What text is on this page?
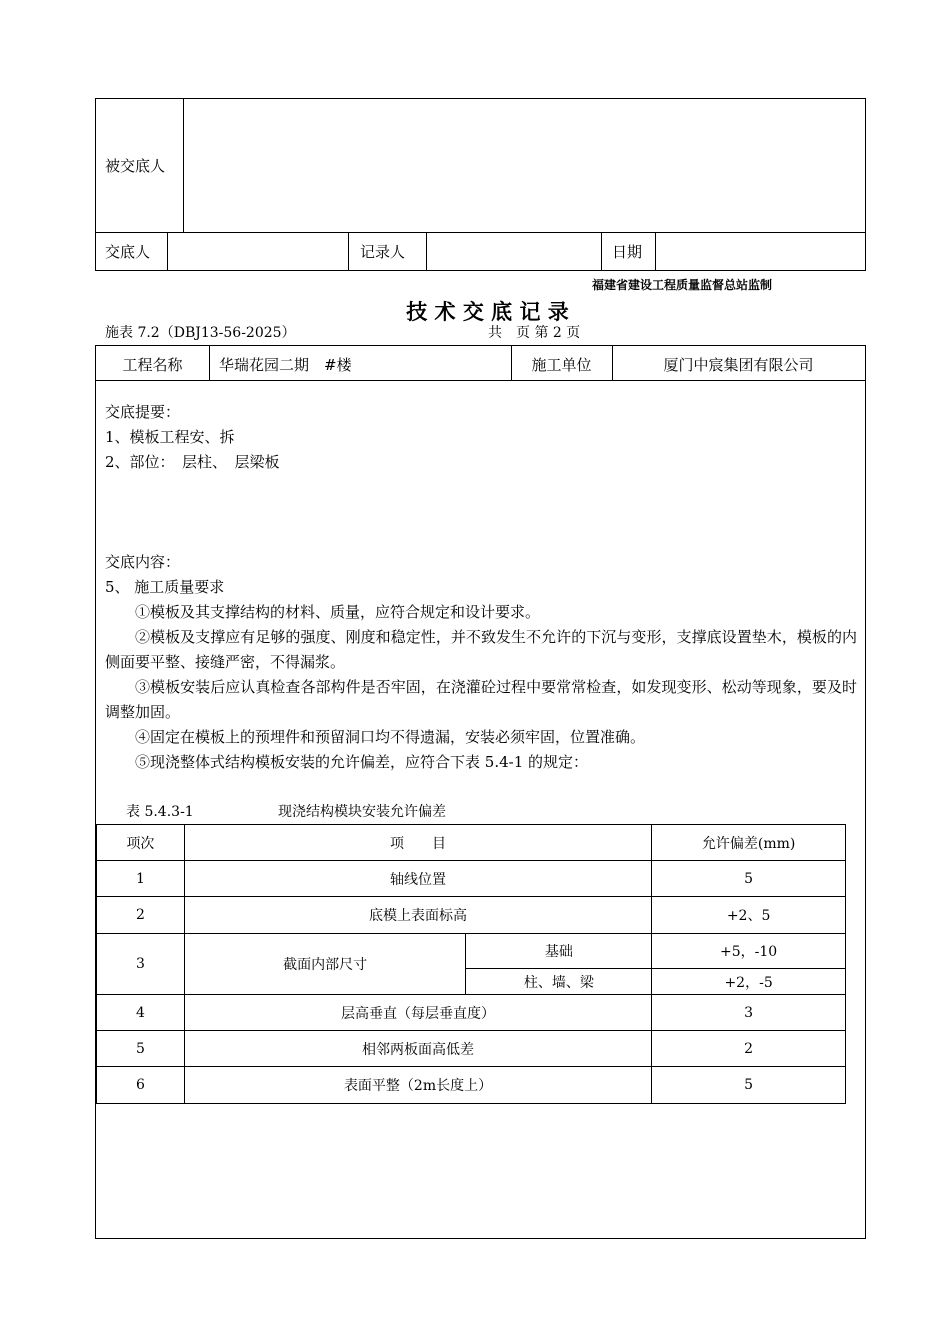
被交底人
交底人	记录人	日期
福建省建设工程质量监督总站监制
技 术 交 底 记 录
施表 7.2（DBJ13-56-2025）	共　页 第 2 页
工程名称	华瑞花园二期　#楼	施工单位	厦门中宸集团有限公司
交底提要：
1、模板工程安、拆
2、部位：　层柱、　层梁板
交底内容：
5、 施工质量要求
①模板及其支撑结构的材料、质量，应符合规定和设计要求。
②模板及支撑应有足够的强度、刚度和稳定性，并不致发生不允许的下沉与变形，支撑底设置垫木，模板的内侧面要平整、接缝严密，不得漏浆。
③模板安装后应认真检查各部构件是否牢固，在浇灌砼过程中要常常检查，如发现变形、松动等现象，要及时调整加固。
④固定在模板上的预埋件和预留洞口均不得遗漏，安装必须牢固，位置准确。
⑤现浇整体式结构模板安装的允许偏差，应符合下表 5.4-1 的规定：
表 5.4.3-1	现浇结构模块安装允许偏差
项次	项　　目		允许偏差(mm)
1	轴线位置		5
2	底模上表面标高		+2、5
3	截面内部尺寸	基础	+5，-10
		柱、墙、梁	+2，-5
4	层高垂直（每层垂直度）		3
5	相邻两板面高低差		2
6	表面平整（2m长度上）		5
